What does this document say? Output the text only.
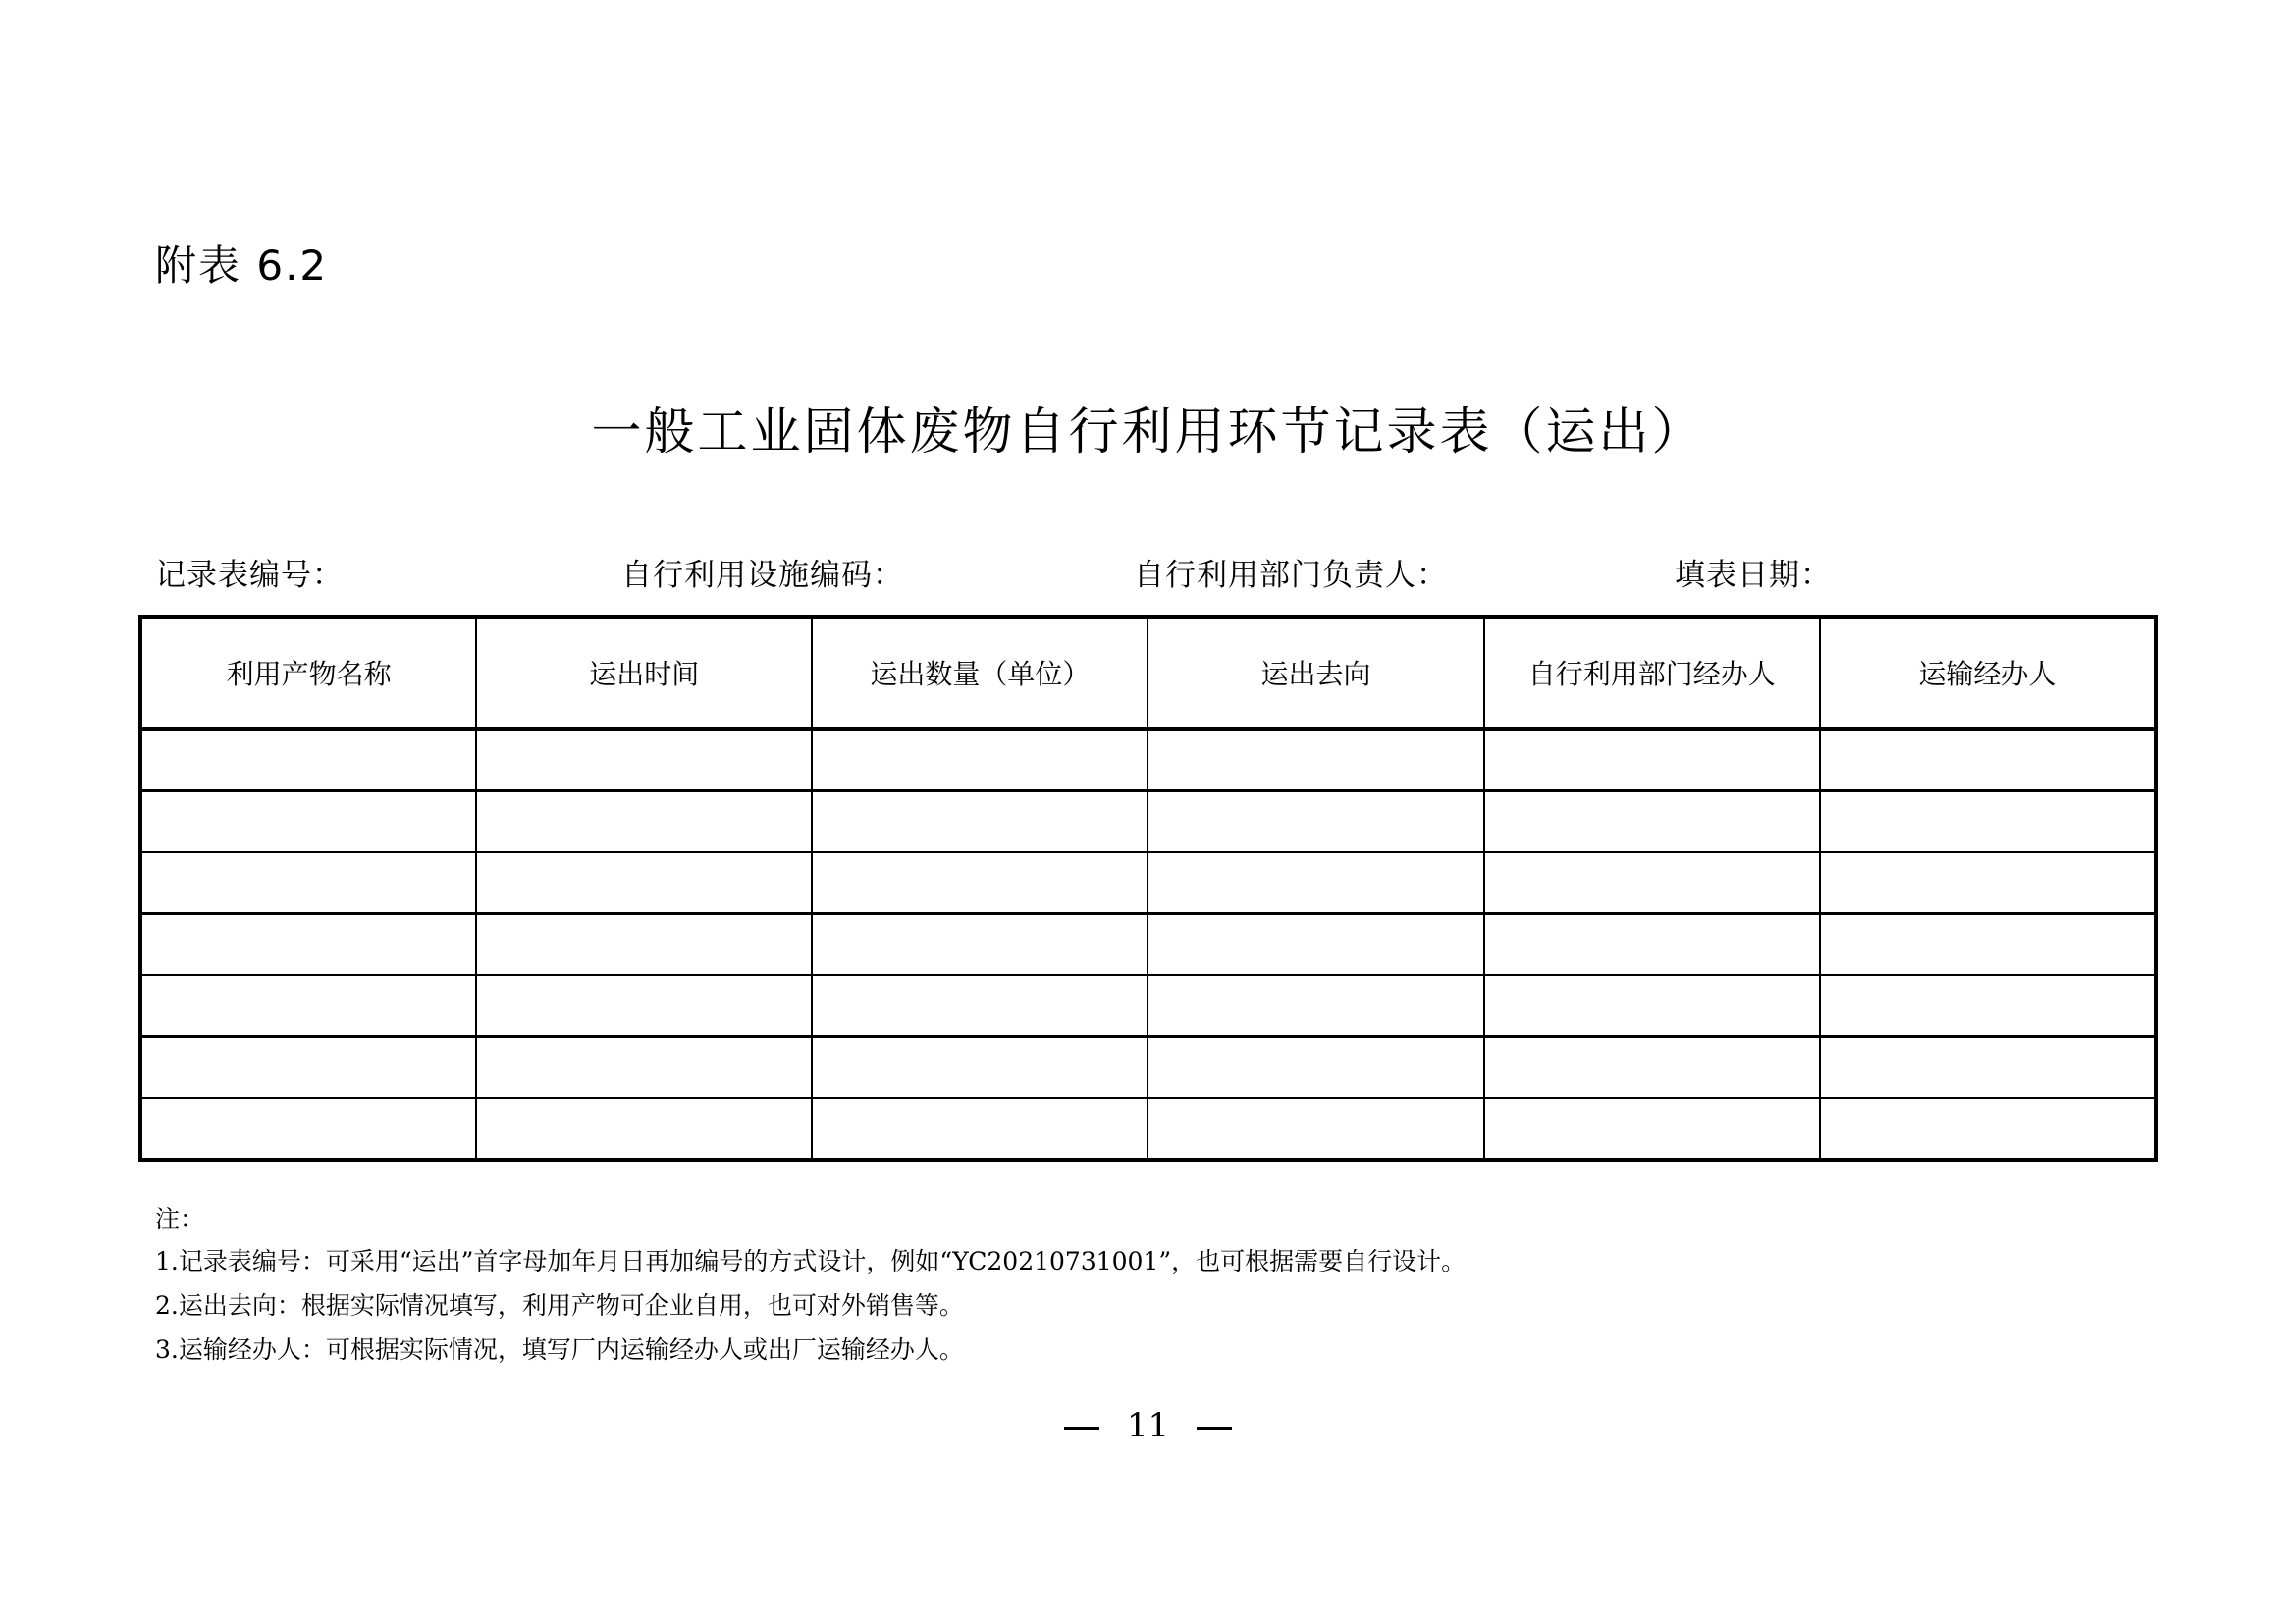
附表 6.2
一般工业固体废物自行利用环节记录表（运出）
记录表编号：	自行利用设施编码：	自行利用部门负责人：	填表日期：
利用产物名称	运出时间	运出数量（单位）	运出去向	自行利用部门经办人	运输经办人

注：
1.记录表编号：可采用“运出”首字母加年月日再加编号的方式设计，例如“YC20210731001”，也可根据需要自行设计。
2.运出去向：根据实际情况填写，利用产物可企业自用，也可对外销售等。
3.运输经办人：可根据实际情况，填写厂内运输经办人或出厂运输经办人。
11
